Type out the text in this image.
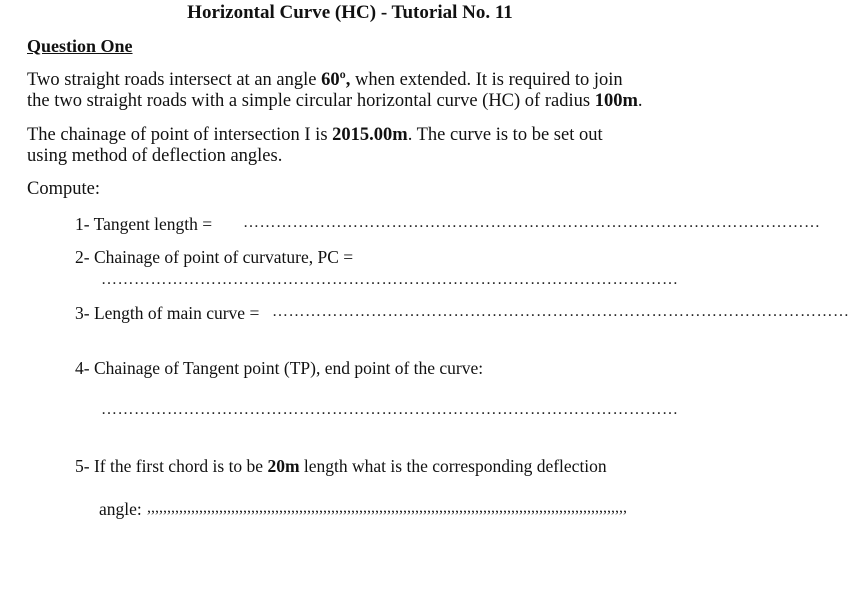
Horizontal Curve (HC) - Tutorial No. 11
Question One
Two straight roads intersect at an angle 60º, when extended. It is required to join
the two straight roads with a simple circular horizontal curve (HC) of radius 100m.
The chainage of point of intersection I is 2015.00m. The curve is to be set out
using method of deflection angles.
Compute:
1- Tangent length = ……………………………………………………………………………………………
2- Chainage of point of curvature, PC =
……………………………………………………………………………………………
3- Length of main curve = ……………………………………………………………………………………………
4- Chainage of Tangent point (TP), end point of the curve:
……………………………………………………………………………………………
5- If the first chord is to be 20m length what is the corresponding deflection
angle: ,,,,,,,,,,,,,,,,,,,,,,,,,,,,,,,,,,,,,,,,,,,,,,,,,,,,,,,,,,,,,,,,,,,,,,,,,,,,,,,,,,,,,,,,,,,,,,,,,,,,,,,,,,,,,,,,,,,,,,,,
